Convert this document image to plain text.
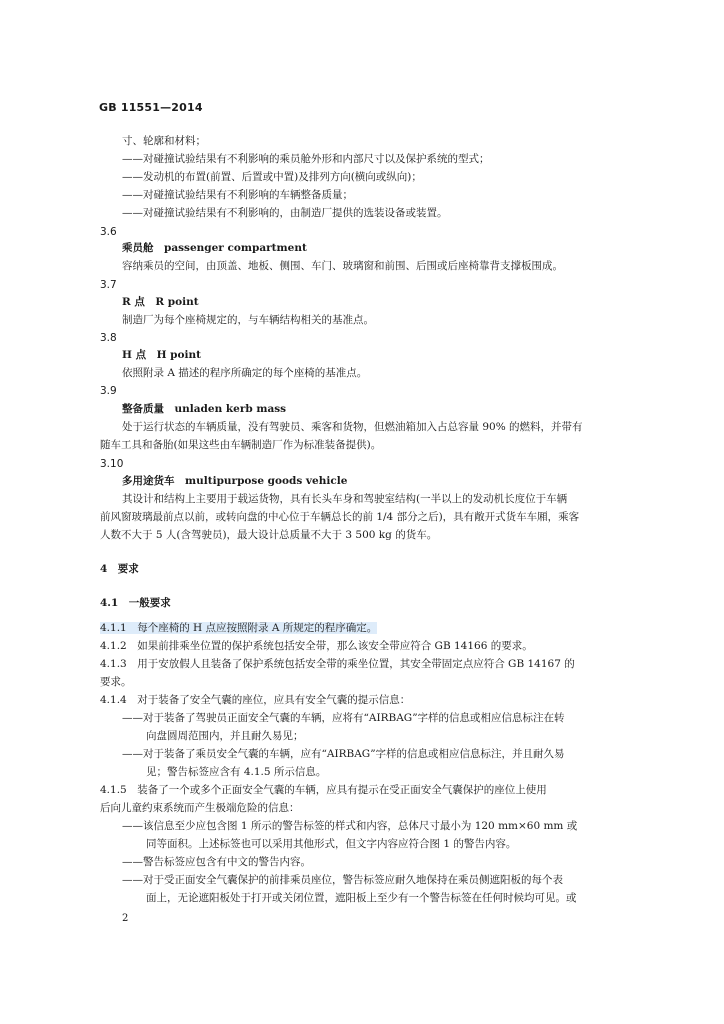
GB 11551—2014
寸、轮廓和材料；
——对碰撞试验结果有不利影响的乘员舱外形和内部尺寸以及保护系统的型式；
——发动机的布置(前置、后置或中置)及排列方向(横向或纵向)；
——对碰撞试验结果有不利影响的车辆整备质量；
——对碰撞试验结果有不利影响的，由制造厂提供的选装设备或装置。
3.6
乘员舱　passenger compartment
容纳乘员的空间，由顶盖、地板、侧围、车门、玻璃窗和前围、后围或后座椅靠背支撑板围成。
3.7
R 点　R point
制造厂为每个座椅规定的，与车辆结构相关的基准点。
3.8
H 点　H point
依照附录 A 描述的程序所确定的每个座椅的基准点。
3.9
整备质量　unladen kerb mass
处于运行状态的车辆质量，没有驾驶员、乘客和货物，但燃油箱加入占总容量 90% 的燃料，并带有
随车工具和备胎(如果这些由车辆制造厂作为标准装备提供)。
3.10
多用途货车　multipurpose goods vehicle
其设计和结构上主要用于载运货物，具有长头车身和驾驶室结构(一半以上的发动机长度位于车辆
前风窗玻璃最前点以前，或转向盘的中心位于车辆总长的前 1/4 部分之后)，具有敞开式货车车厢，乘客
人数不大于 5 人(含驾驶员)，最大设计总质量不大于 3 500 kg 的货车。
4　要求
4.1　一般要求
4.1.1　每个座椅的 H 点应按照附录 A 所规定的程序确定。
4.1.2　如果前排乘坐位置的保护系统包括安全带，那么该安全带应符合 GB 14166 的要求。
4.1.3　用于安放假人且装备了保护系统包括安全带的乘坐位置，其安全带固定点应符合 GB 14167 的
要求。
4.1.4　对于装备了安全气囊的座位，应具有安全气囊的提示信息：
——对于装备了驾驶员正面安全气囊的车辆，应将有“AIRBAG”字样的信息或相应信息标注在转
向盘圆周范围内，并且耐久易见；
——对于装备了乘员安全气囊的车辆，应有“AIRBAG”字样的信息或相应信息标注，并且耐久易
见；警告标签应含有 4.1.5 所示信息。
4.1.5　装备了一个或多个正面安全气囊的车辆，应具有提示在受正面安全气囊保护的座位上使用
后向儿童约束系统而产生极端危险的信息：
——该信息至少应包含图 1 所示的警告标签的样式和内容，总体尺寸最小为 120 mm×60 mm 或
同等面积。上述标签也可以采用其他形式，但文字内容应符合图 1 的警告内容。
——警告标签应包含有中文的警告内容。
——对于受正面安全气囊保护的前排乘员座位，警告标签应耐久地保持在乘员侧遮阳板的每个表
面上，无论遮阳板处于打开或关闭位置，遮阳板上至少有一个警告标签在任何时候均可见。或
2
